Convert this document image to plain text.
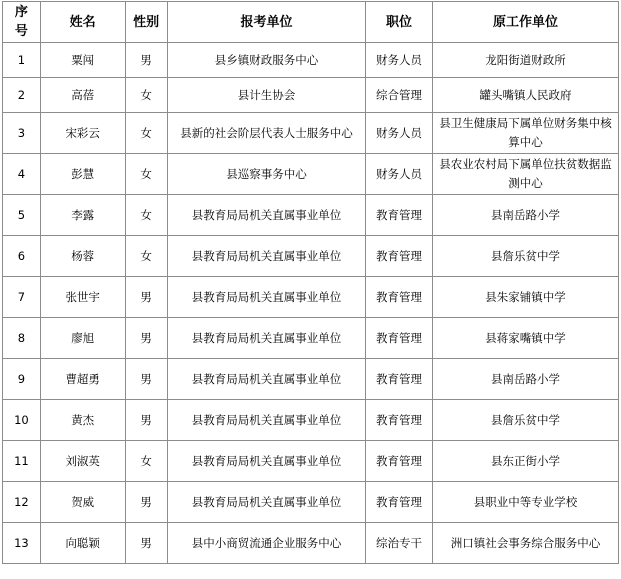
序号	姓名	性别	报考单位	职位	原工作单位
1	粟闯	男	县乡镇财政服务中心	财务人员	龙阳街道财政所
2	高蓓	女	县计生协会	综合管理	罐头嘴镇人民政府
3	宋彩云	女	县新的社会阶层代表人士服务中心	财务人员	县卫生健康局下属单位财务集中核算中心
4	彭慧	女	县巡察事务中心	财务人员	县农业农村局下属单位扶贫数据监测中心
5	李露	女	县教育局局机关直属事业单位	教育管理	县南岳路小学
6	杨蓉	女	县教育局局机关直属事业单位	教育管理	县詹乐贫中学
7	张世宇	男	县教育局局机关直属事业单位	教育管理	县朱家铺镇中学
8	廖旭	男	县教育局局机关直属事业单位	教育管理	县蒋家嘴镇中学
9	曹超勇	男	县教育局局机关直属事业单位	教育管理	县南岳路小学
10	黄杰	男	县教育局局机关直属事业单位	教育管理	县詹乐贫中学
11	刘淑英	女	县教育局局机关直属事业单位	教育管理	县东正街小学
12	贺威	男	县教育局局机关直属事业单位	教育管理	县职业中等专业学校
13	向聪颖	男	县中小商贸流通企业服务中心	综治专干	洲口镇社会事务综合服务中心
